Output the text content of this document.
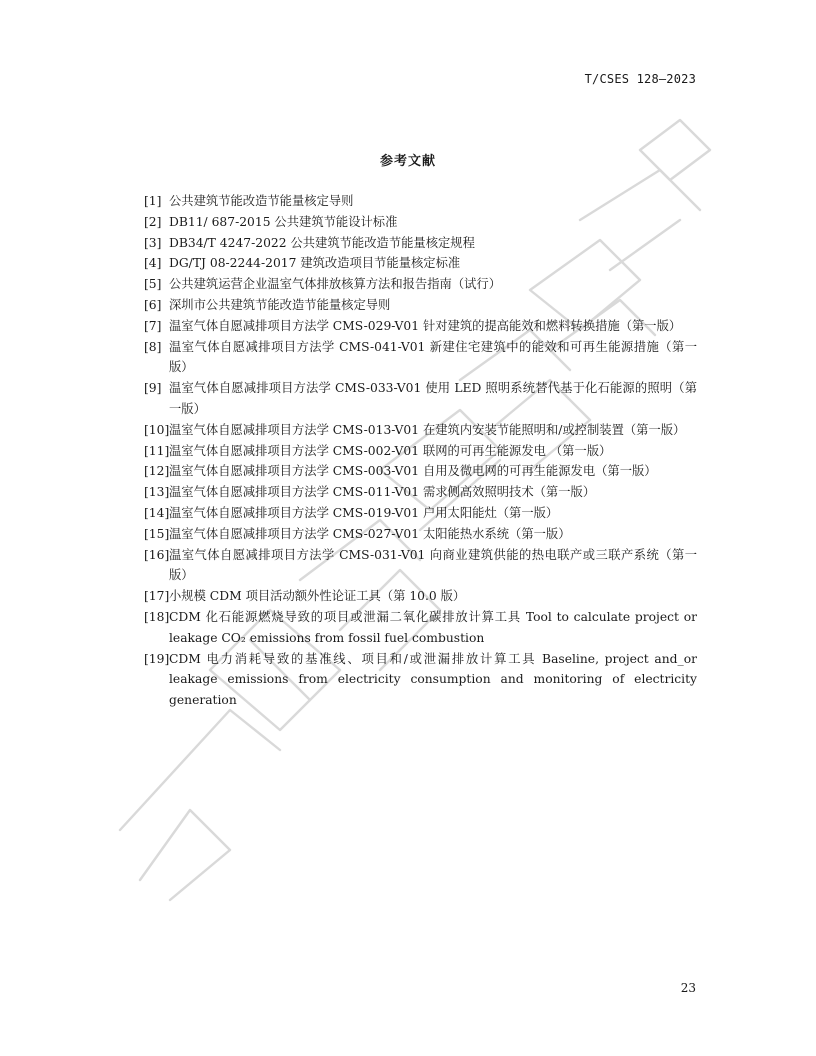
T/CSES 128—2023
参考文献
[1] 公共建筑节能改造节能量核定导则
[2] DB11/ 687-2015 公共建筑节能设计标准
[3] DB34/T 4247-2022 公共建筑节能改造节能量核定规程
[4] DG/TJ 08-2244-2017 建筑改造项目节能量核定标准
[5] 公共建筑运营企业温室气体排放核算方法和报告指南（试行）
[6] 深圳市公共建筑节能改造节能量核定导则
[7] 温室气体自愿减排项目方法学 CMS-029-V01 针对建筑的提高能效和燃料转换措施（第一版）
[8] 温室气体自愿减排项目方法学 CMS-041-V01 新建住宅建筑中的能效和可再生能源措施（第一版）
[9] 温室气体自愿减排项目方法学 CMS-033-V01 使用 LED 照明系统替代基于化石能源的照明（第一版）
[10] 温室气体自愿减排项目方法学 CMS-013-V01 在建筑内安装节能照明和/或控制装置（第一版）
[11] 温室气体自愿减排项目方法学 CMS-002-V01 联网的可再生能源发电 （第一版）
[12] 温室气体自愿减排项目方法学 CMS-003-V01 自用及微电网的可再生能源发电（第一版）
[13] 温室气体自愿减排项目方法学 CMS-011-V01 需求侧高效照明技术（第一版）
[14] 温室气体自愿减排项目方法学 CMS-019-V01 户用太阳能灶（第一版）
[15] 温室气体自愿减排项目方法学 CMS-027-V01 太阳能热水系统（第一版）
[16] 温室气体自愿减排项目方法学 CMS-031-V01 向商业建筑供能的热电联产或三联产系统（第一版）
[17] 小规模 CDM 项目活动额外性论证工具（第 10.0 版）
[18] CDM 化石能源燃烧导致的项目或泄漏二氧化碳排放计算工具 Tool to calculate project or leakage CO₂ emissions from fossil fuel combustion
[19] CDM 电力消耗导致的基准线、项目和/或泄漏排放计算工具 Baseline, project and_or leakage emissions from electricity consumption and monitoring of electricity generation
23
